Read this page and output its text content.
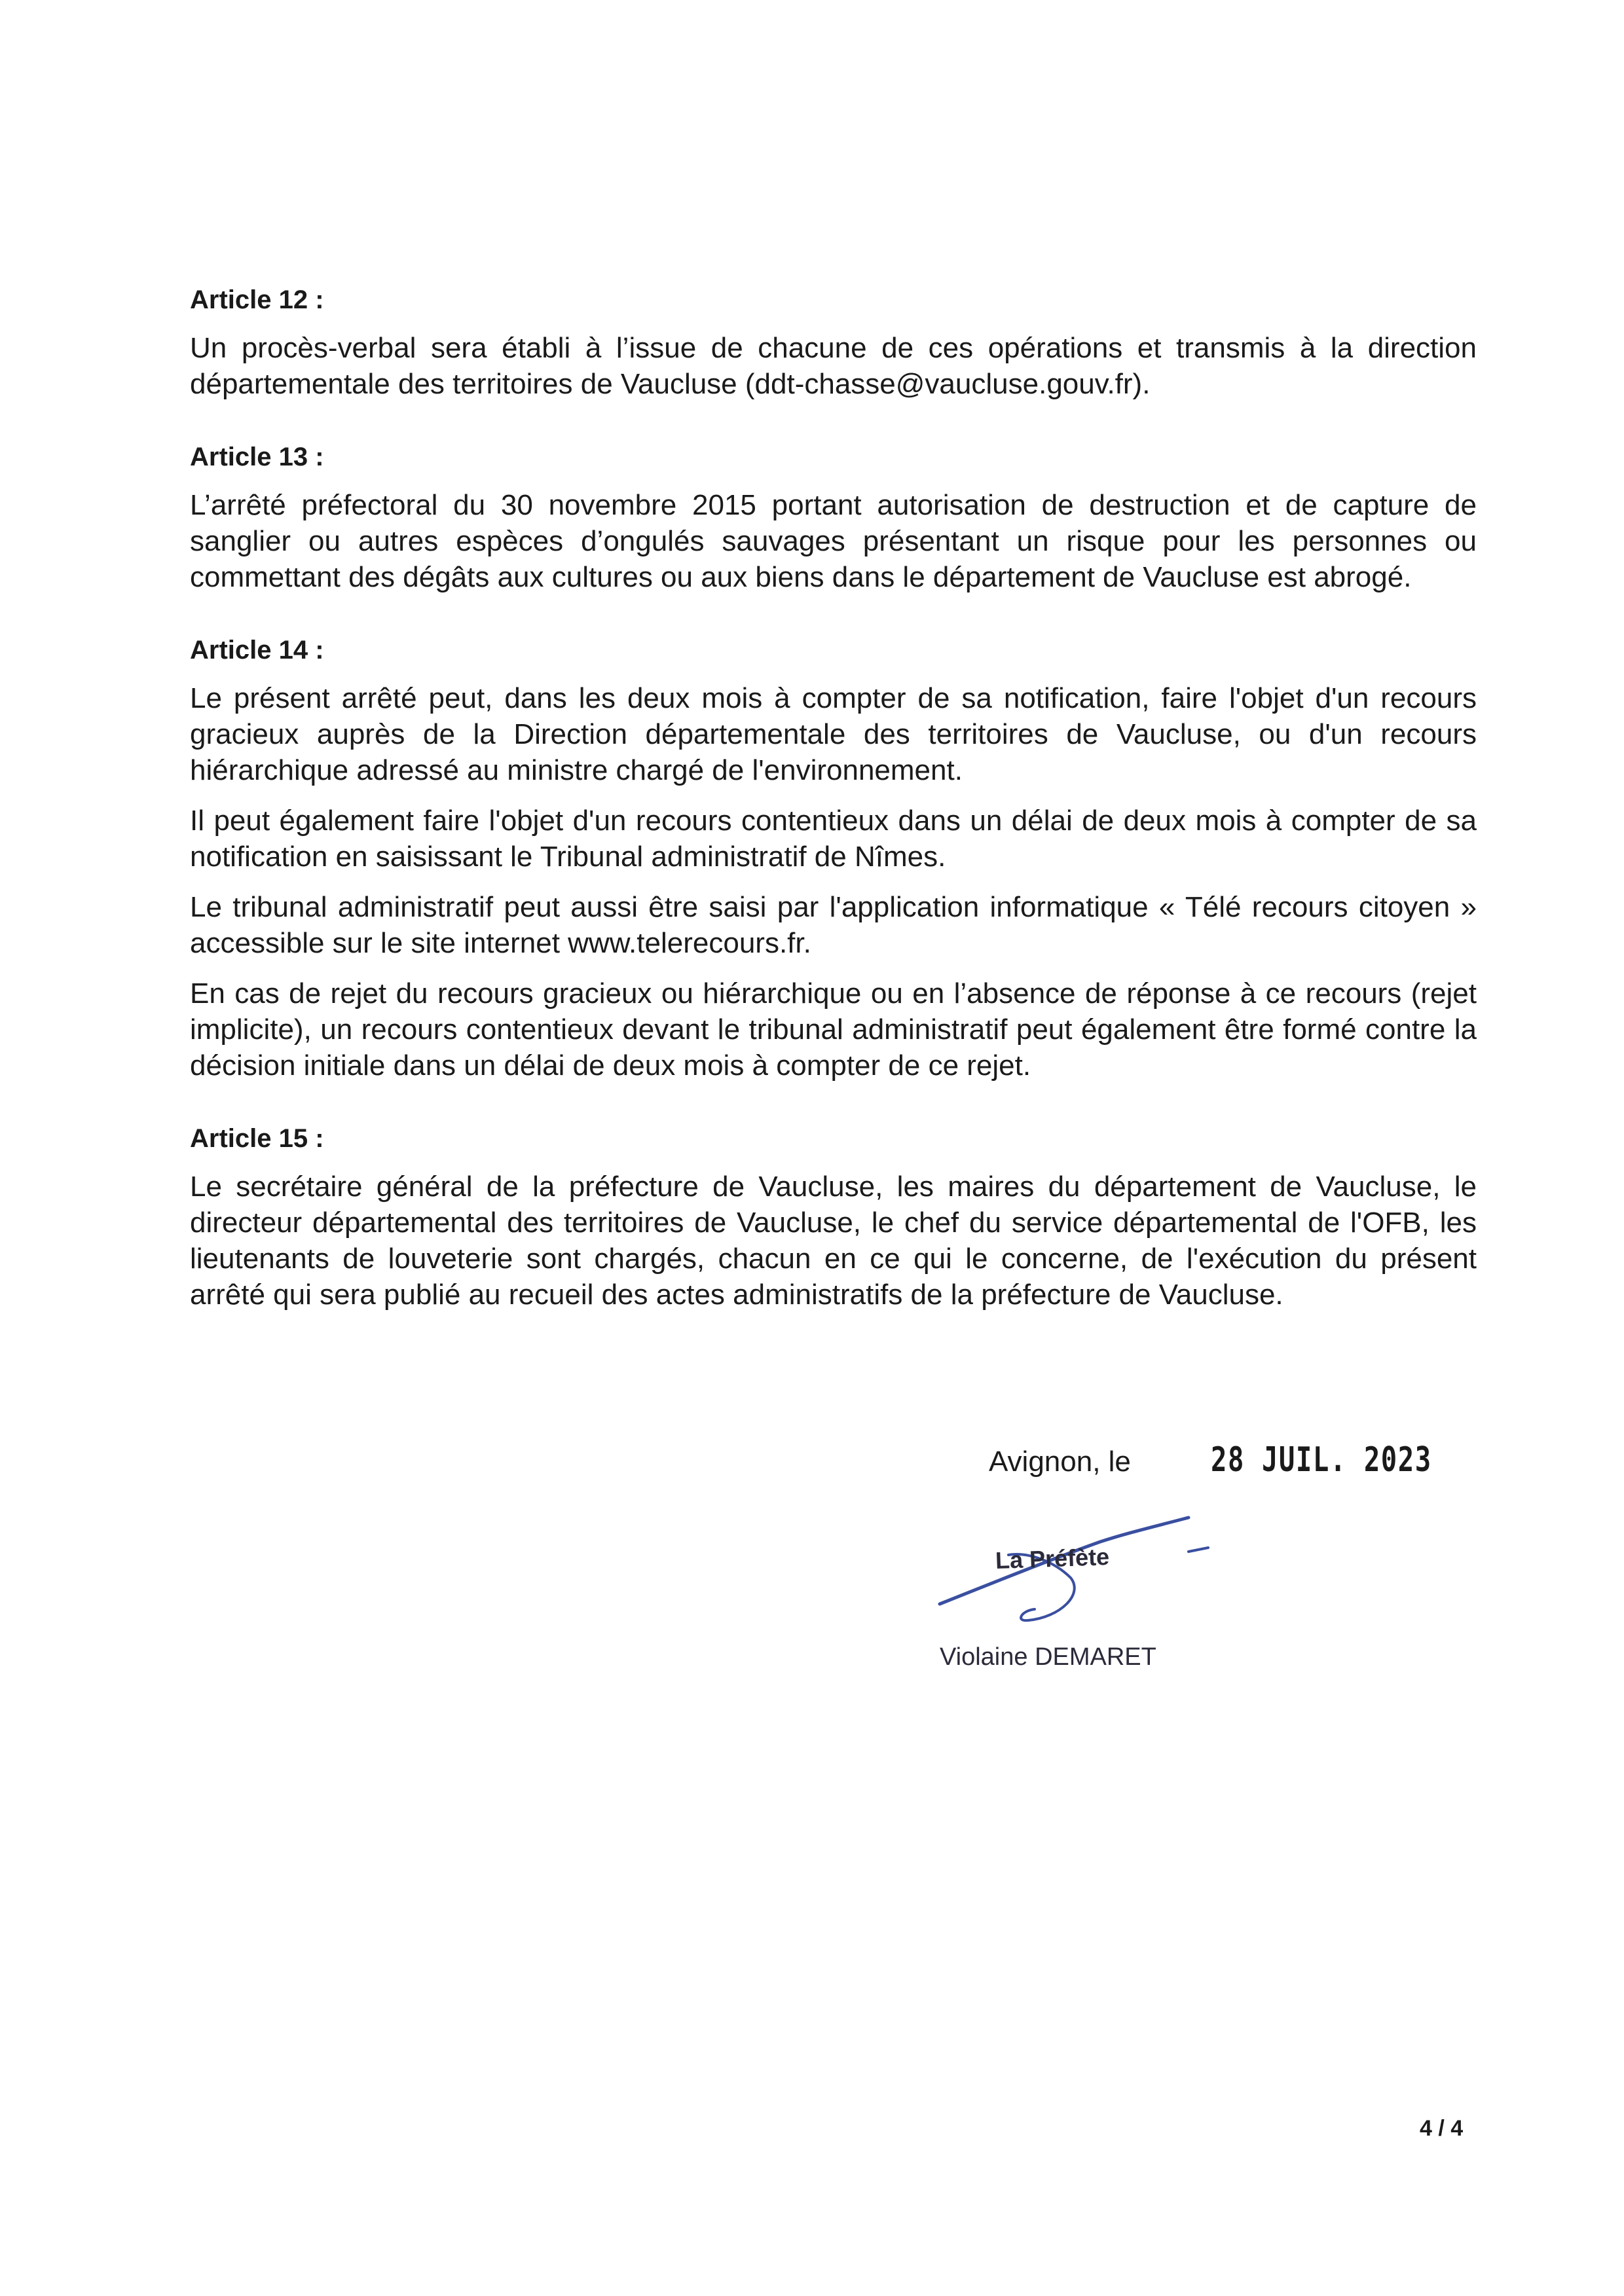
Article 12 :

Un procès-verbal sera établi à l’issue de chacune de ces opérations et transmis à la direction départementale des territoires de Vaucluse (ddt-chasse@vaucluse.gouv.fr).

Article 13 :

L’arrêté préfectoral du 30 novembre 2015 portant autorisation de destruction et de capture de sanglier ou autres espèces d’ongulés sauvages présentant un risque pour les personnes ou commettant des dégâts aux cultures ou aux biens dans le département de Vaucluse est abrogé.

Article 14 :

Le présent arrêté peut, dans les deux mois à compter de sa notification, faire l'objet d'un recours gracieux auprès de la Direction départementale des territoires de Vaucluse, ou d'un recours hiérarchique adressé au ministre chargé de l'environnement.

Il peut également faire l'objet d'un recours contentieux dans un délai de deux mois à compter de sa notification en saisissant le Tribunal administratif de Nîmes.

Le tribunal administratif peut aussi être saisi par l'application informatique « Télé recours citoyen » accessible sur le site internet www.telerecours.fr.

En cas de rejet du recours gracieux ou hiérarchique ou en l’absence de réponse à ce recours (rejet implicite), un recours contentieux devant le tribunal administratif peut également être formé contre la décision initiale dans un délai de deux mois à compter de ce rejet.

Article 15 :

Le secrétaire général de la préfecture de Vaucluse, les maires du département de Vaucluse, le directeur départemental des territoires de Vaucluse, le chef du service départemental de l'OFB, les lieutenants de louveterie sont chargés, chacun en ce qui le concerne, de l'exécution du présent arrêté qui sera publié au recueil des actes administratifs de la préfecture de Vaucluse.

Avignon, le 28 JUIL. 2023
La Préfète
Violaine DEMARET
4 / 4
